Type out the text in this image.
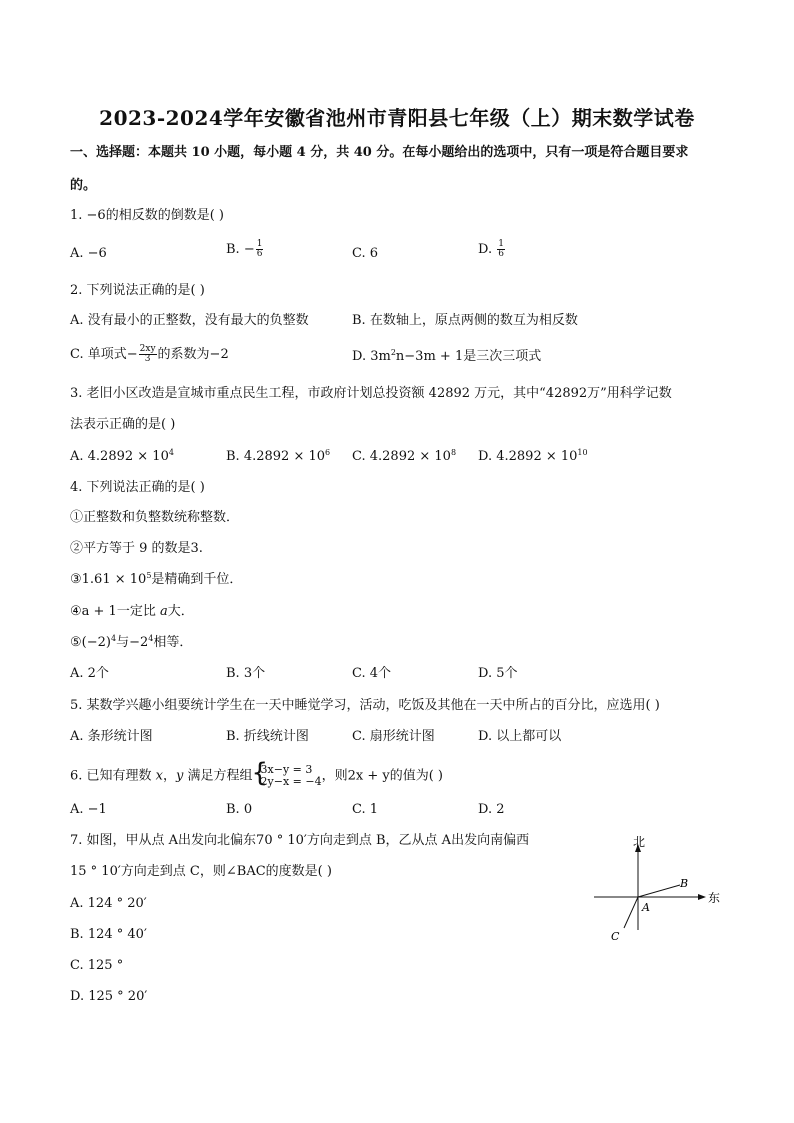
2023-2024学年安徽省池州市青阳县七年级（上）期末数学试卷
一、选择题：本题共 10 小题，每小题 4 分，共 40 分。在每小题给出的选项中，只有一项是符合题目要求
的。
1. −6的相反数的倒数是( )
A. −6	B. − $\frac{1}{6}$	C. 6	D. $\frac{1}{6}$
2. 下列说法正确的是( )
A. 没有最小的正整数，没有最大的负整数	B. 在数轴上，原点两侧的数互为相反数
C. 单项式− $\frac{2xy}{3}$ 的系数为−2	D. $3m^2n-3m + 1$是三次三项式
3. 老旧小区改造是宣城市重点民生工程，市政府计划总投资额 42892 万元，其中“42892万”用科学记数
法表示正确的是( )
A. $4.2892 \times 10^4$	B. $4.2892 \times 10^6$ C. $4.2892 \times 10^8$ D. $4.2892 \times 10^{10}$
4. 下列说法正确的是( )
①正整数和负整数统称整数．
②平方等于 9 的数是3.
③1.61 × $10^5$是精确到千位．
④a + 1一定比 a大．
$⑤(-2)^4$与$-2^4$相等．
A. 2个	B. 3个	C. 4个	D. 5个
5. 某数学兴趣小组要统计学生在一天中睡觉学习，活动，吃饭及其他在一天中所占的百分比，应选用( )
A. 条形统计图	B. 折线统计图	C. 扇形统计图	D. 以上都可以
6. 已知有理数 x，y 满足方程组
{ 3x−y = 3
2y−x = −4 ，则2x + y的值为( )
A. −1	B. 0	C. 1	D. 2
7. 如图，甲从点 A出发向北偏东70 ° 10′方向走到点 B，乙从点 A出发向南偏西
15 ° 10′方向走到点 C，则∠BAC的度数是( )
A. 124 ° 20′
B. 124 ° 40′
C. 125 °
D. 125 ° 20′
北
东
A
B
C
